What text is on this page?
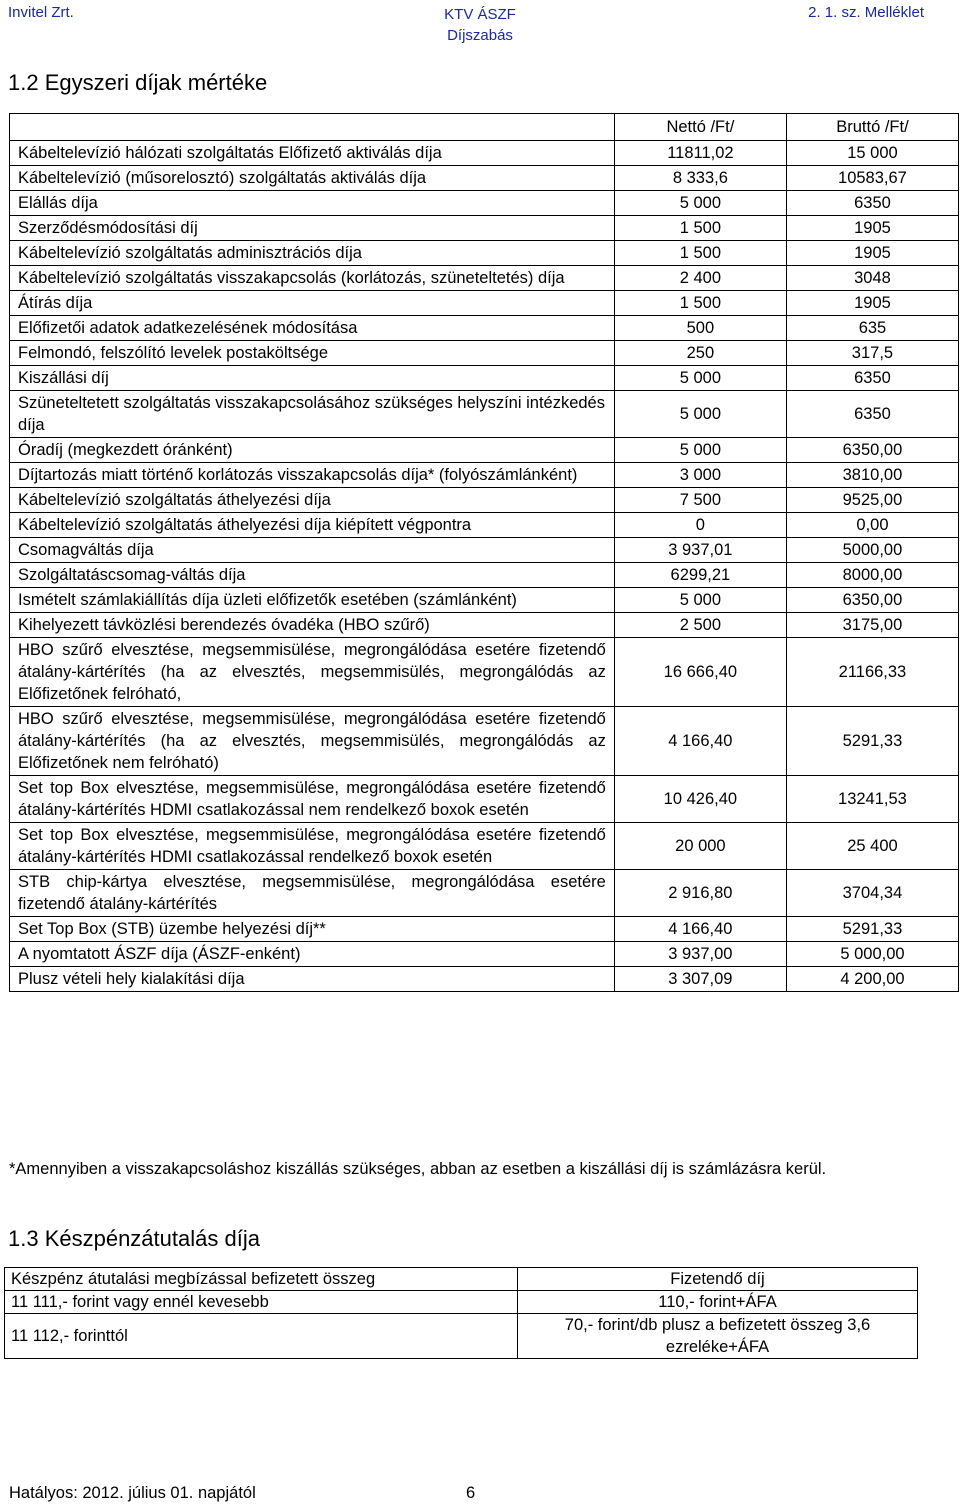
Invitel Zrt.	KTV ÁSZF
Díjszabás
2. 1. sz. Melléklet
1.2 Egyszeri díjak mértéke
	Nettó /Ft/	Bruttó /Ft/
Kábeltelevízió hálózati szolgáltatás Előfizető aktiválás díja	11811,02	15 000
Kábeltelevízió (műsorelosztó) szolgáltatás aktiválás díja	8 333,6	10583,67
Elállás díja	5 000	6350
Szerződésmódosítási díj	1 500	1905
Kábeltelevízió szolgáltatás adminisztrációs díja	1 500	1905
Kábeltelevízió szolgáltatás visszakapcsolás (korlátozás, szüneteltetés) díja	2 400	3048
Átírás díja	1 500	1905
Előfizetői adatok adatkezelésének módosítása	500	635
Felmondó, felszólító levelek postaköltsége	250	317,5
Kiszállási díj	5 000	6350
Szüneteltetett szolgáltatás visszakapcsolásához szükséges helyszíni intézkedés díja	5 000	6350
Óradíj (megkezdett óránként)	5 000	6350,00
Díjtartozás miatt történő korlátozás visszakapcsolás díja* (folyószámlánként)	3 000	3810,00
Kábeltelevízió szolgáltatás áthelyezési díja	7 500	9525,00
Kábeltelevízió szolgáltatás áthelyezési díja kiépített végpontra	0	0,00
Csomagváltás díja	3 937,01	5000,00
Szolgáltatáscsomag-váltás díja	6299,21	8000,00
Ismételt számlakiállítás díja üzleti előfizetők esetében (számlánként)	5 000	6350,00
Kihelyezett távközlési berendezés óvadéka (HBO szűrő)	2 500	3175,00
HBO szűrő elvesztése, megsemmisülése, megrongálódása esetére fizetendő átalány-kártérítés (ha az elvesztés, megsemmisülés, megrongálódás az Előfizetőnek felróható,	16 666,40	21166,33
HBO szűrő elvesztése, megsemmisülése, megrongálódása esetére fizetendő átalány-kártérítés (ha az elvesztés, megsemmisülés, megrongálódás az Előfizetőnek nem felróható)	4 166,40	5291,33
Set top Box elvesztése, megsemmisülése, megrongálódása esetére fizetendő átalány-kártérítés HDMI csatlakozással nem rendelkező boxok esetén	10 426,40	13241,53
Set top Box elvesztése, megsemmisülése, megrongálódása esetére fizetendő átalány-kártérítés HDMI csatlakozással rendelkező boxok esetén	20 000	25 400
STB chip-kártya elvesztése, megsemmisülése, megrongálódása esetére fizetendő átalány-kártérítés	2 916,80	3704,34
Set Top Box (STB) üzembe helyezési díj**	4 166,40	5291,33
A nyomtatott ÁSZF díja (ÁSZF-enként)	3 937,00	5 000,00
Plusz vételi hely kialakítási díja	3 307,09	4 200,00
*Amennyiben a visszakapcsoláshoz kiszállás szükséges, abban az esetben a kiszállási díj is számlázásra kerül.
1.3 Készpénzátutalás díja
Készpénz átutalási megbízással befizetett összeg	Fizetendő díj
11 111,- forint vagy ennél kevesebb	110,- forint+ÁFA
11 112,- forinttól	70,- forint/db plusz a befizetett összeg 3,6 ezreléke+ÁFA
Hatályos: 2012. július 01. napjától	6
